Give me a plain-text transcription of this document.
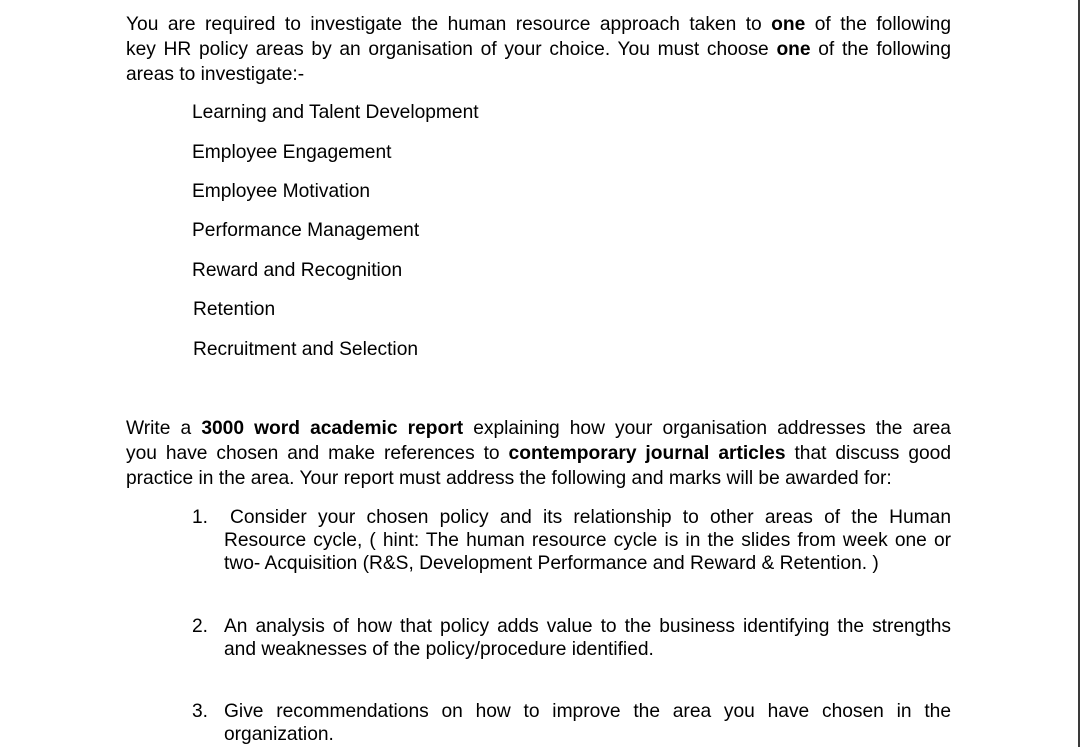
You are required to investigate the human resource approach taken to one of the following
key HR policy areas by an organisation of your choice. You must choose one of the following
areas to investigate:-

Learning and Talent Development
Employee Engagement
Employee Motivation
Performance Management
Reward and Recognition
Retention
Recruitment and Selection

Write a 3000 word academic report explaining how your organisation addresses the area
you have chosen and make references to contemporary journal articles that discuss good
practice in the area. Your report must address the following and marks will be awarded for:

1. Consider your chosen policy and its relationship to other areas of the Human
Resource cycle, ( hint: The human resource cycle is in the slides from week one or
two- Acquisition (R&S, Development Performance and Reward & Retention. )
2. An analysis of how that policy adds value to the business identifying the strengths
and weaknesses of the policy/procedure identified.
3. Give recommendations on how to improve the area you have chosen in the
organization.
